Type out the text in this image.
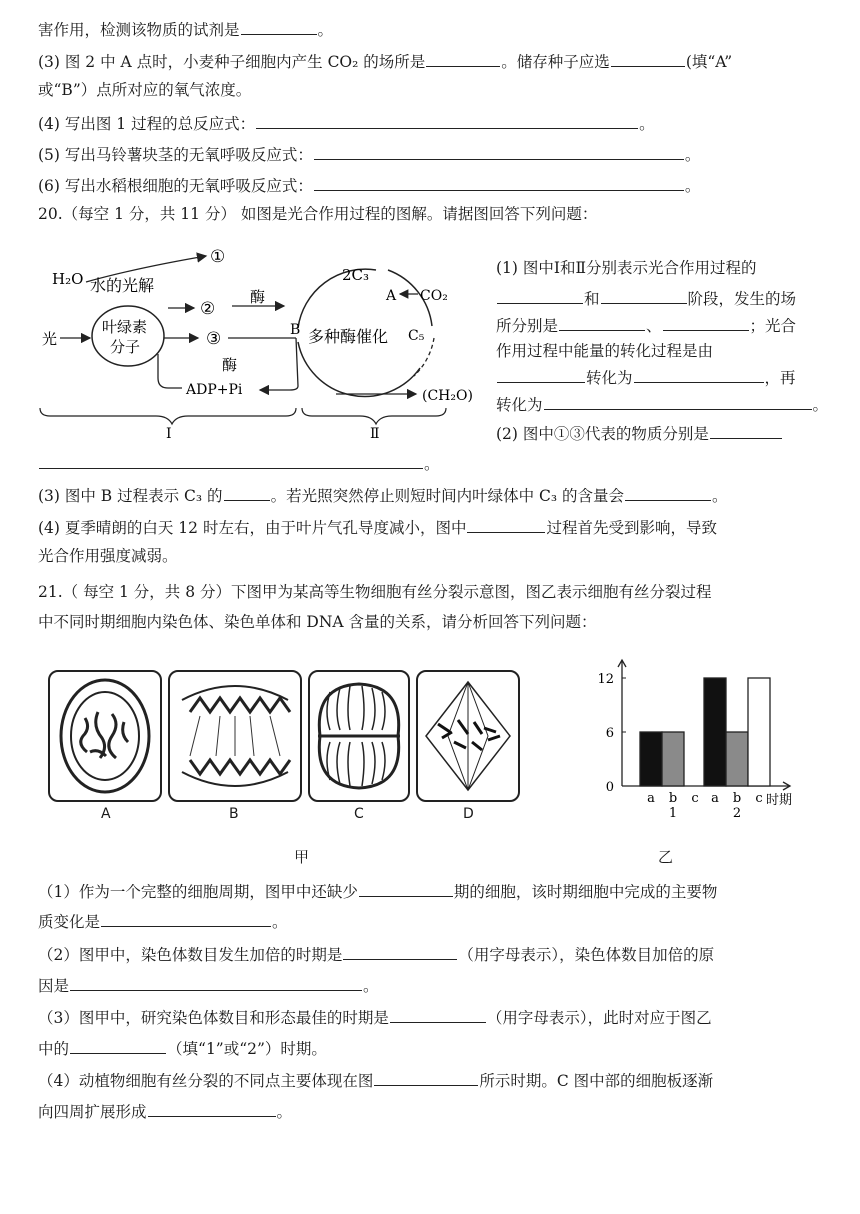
害作用，检测该物质的试剂是	。
(3) 图 2 中 A 点时，小麦种子细胞内产生 CO₂ 的场所是	。储存种子应选	(填“A”
或“B”）点所对应的氧气浓度。
(4) 写出图 1 过程的总反应式：	。
(5) 写出马铃薯块茎的无氧呼吸反应式：	。
(6) 写出水稻根细胞的无氧呼吸反应式：	。
20.（每空 1 分，共 11 分） 如图是光合作用过程的图解。请据图回答下列问题：
H₂O 水的光解
①
②
酶
光
叶绿素
分子	③
酶
ADP+Pi
2C₃
A CO₂
B 多种酶催化 C₅
(CH₂O)
Ⅰ	Ⅱ
(1) 图中Ⅰ和Ⅱ分别表示光合作用过程的
和	阶段，发生的场
所分别是	、	；光合
作用过程中能量的转化过程是由
转化为	，再
转化为	。
(2) 图中①③代表的物质分别是
。
(3) 图中 B 过程表示 C₃ 的	。若光照突然停止则短时间内叶绿体中 C₃ 的含量会	。
(4) 夏季晴朗的白天 12 时左右，由于叶片气孔导度减小，图中	过程首先受到影响，导致
光合作用强度减弱。
21.（ 每空 1 分，共 8 分）下图甲为某高等生物细胞有丝分裂示意图，图乙表示细胞有丝分裂过程
中不同时期细胞内染色体、染色单体和 DNA 含量的关系，请分析回答下列问题：
A	B	C	D
甲	乙
0
6
12
a b c
1
a b c
2
时期
（1）作为一个完整的细胞周期，图甲中还缺少	期的细胞，该时期细胞中完成的主要物
质变化是	。
（2）图甲中，染色体数目发生加倍的时期是	（用字母表示），染色体数目加倍的原
因是	。
（3）图甲中，研究染色体数目和形态最佳的时期是	（用字母表示），此时对应于图乙
中的	（填“1”或“2”）时期。
（4）动植物细胞有丝分裂的不同点主要体现在图	所示时期。C 图中部的细胞板逐渐
向四周扩展形成	。
